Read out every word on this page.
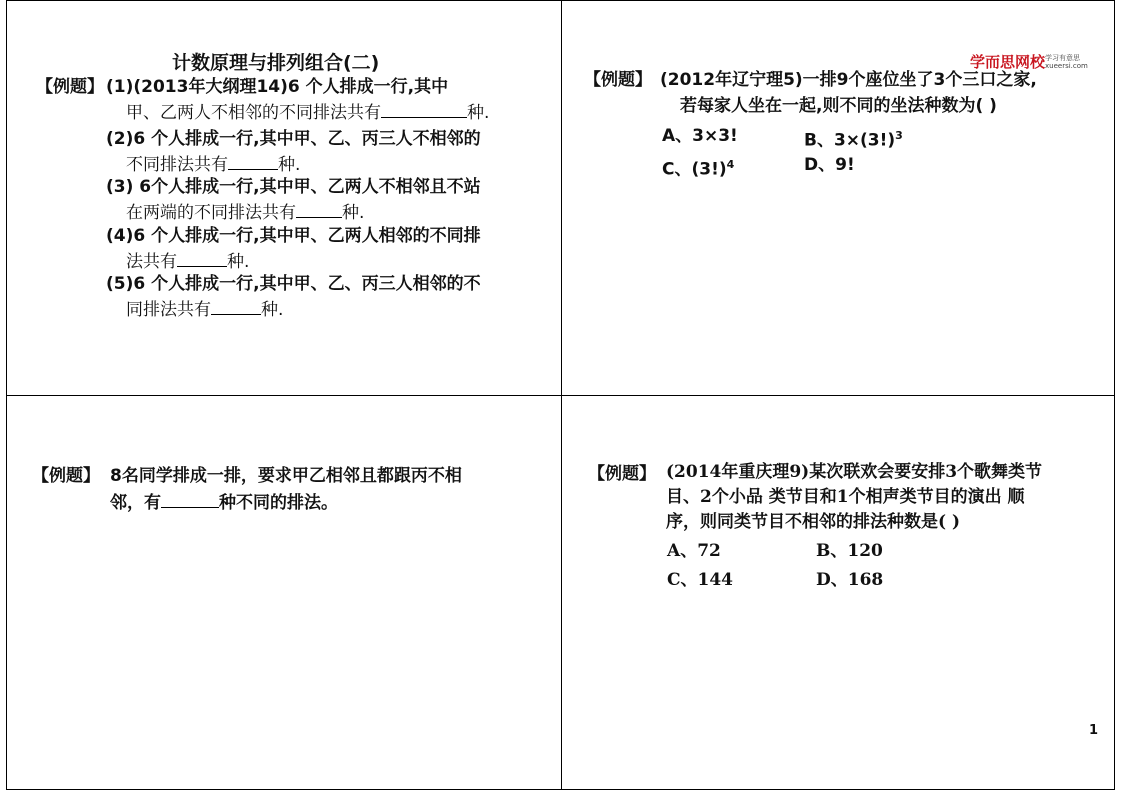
计数原理与排列组合(二)
【例题】 (1)(2013年大纲理14)6 个人排成一行,其中
甲、乙两人不相邻的不同排法共有	种.
(2)6 个人排成一行,其中甲、乙、丙三人不相邻的
不同排法共有	种.
(3) 6个人排成一行,其中甲、乙两人不相邻且不站
在两端的不同排法共有	种.
(4)6 个人排成一行,其中甲、乙两人相邻的不同排
法共有	种.
(5)6 个人排成一行,其中甲、乙、丙三人相邻的不
同排法共有	种.
学而思网校 学习有意思
xueersi.com
【例题】 (2012年辽宁理5)一排9个座位坐了3个三口之家,
若每家人坐在一起,则不同的坐法种数为( )
A、3×3!	B、$3\times(3!)^3$
C、$(3!)^4$	D、9!
【例题】 8名同学排成一排，要求甲乙相邻且都跟丙不相
邻，有	种不同的排法。
【例题】 (2014年重庆理9)某次联欢会要安排3个歌舞类节
目、2个小品 类节目和1个相声类节目的演出 顺
序，则同类节目不相邻的排法种数是( )
A、72	B、120
C、144	D、168
1
